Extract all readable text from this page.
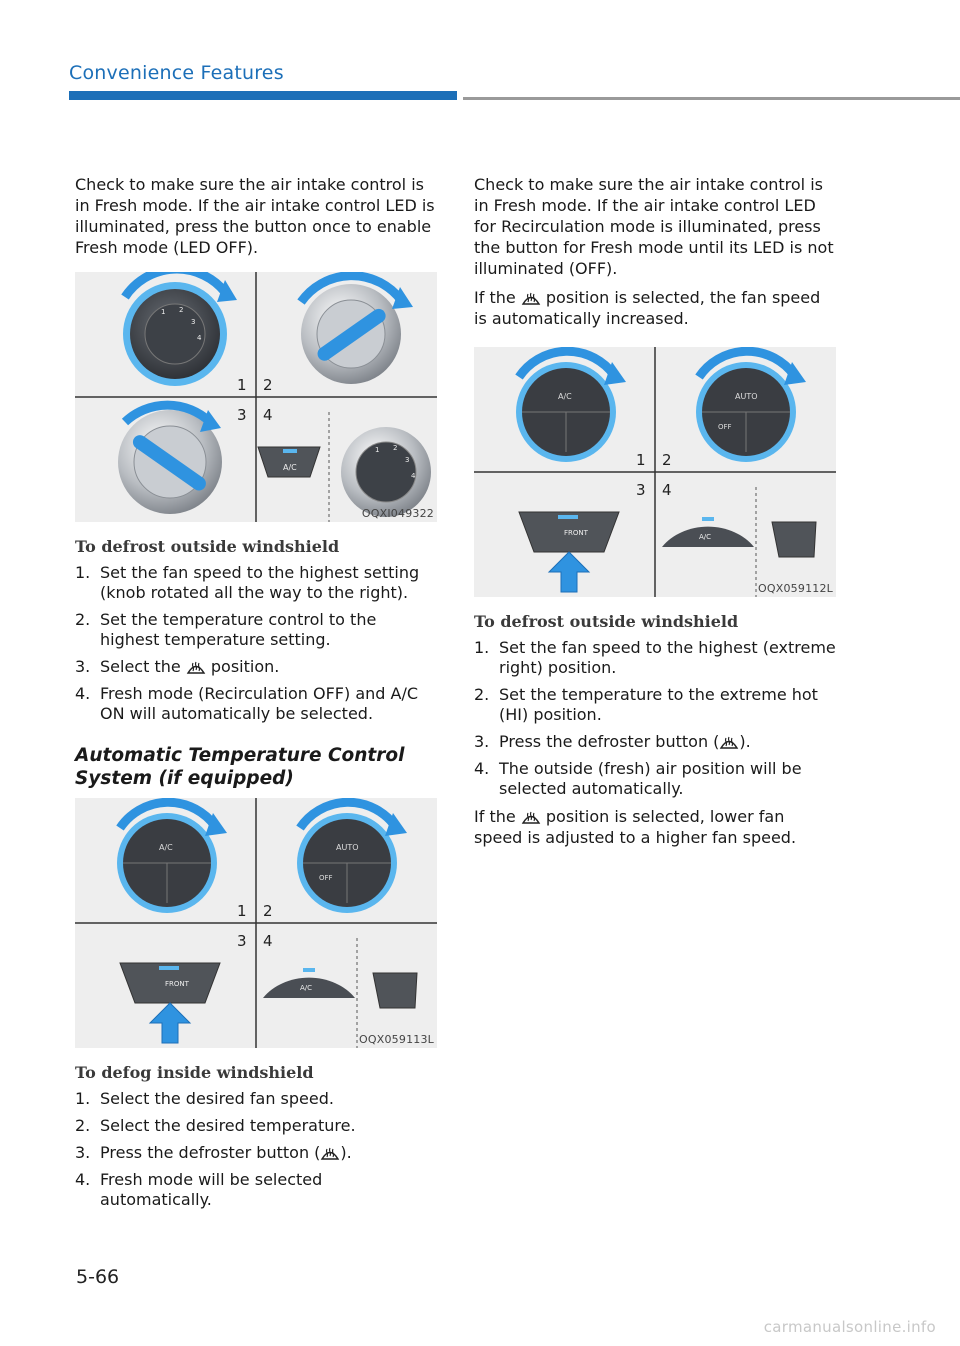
Convenience Features

Check to make sure the air intake control is in Fresh mode. If the air intake control LED is illuminated, press the button once to enable Fresh mode (LED OFF).

1 2
3 4
1 2
3
4
1 2
3
4
A/C
OQXI049322
To defrost outside windshield
1. Set the fan speed to the highest setting (knob rotated all the way to the right).
2. Set the temperature control to the highest temperature setting.
3. Select the position.
4. Fresh mode (Recirculation OFF) and A/C ON will automatically be selected.
Automatic Temperature Control System (if equipped)
A/C	AUTO
OFF
FRONT	A/C
1 2
3 4
OQX059113L
To defog inside windshield
1. Select the desired fan speed.
2. Select the desired temperature.
3. Press the defroster button ( ).
4. Fresh mode will be selected automatically.

Check to make sure the air intake control is in Fresh mode. If the air intake control LED for Recirculation mode is illuminated, press the button for Fresh mode until its LED is not illuminated (OFF).

If the position is selected, the fan speed is automatically increased.

A/C	AUTO
OFF
FRONT	A/C
1 2
3 4
OQX059112L
To defrost outside windshield
1. Set the fan speed to the highest (extreme right) position.
2. Set the temperature to the extreme hot (HI) position.
3. Press the defroster button ( ).
4. The outside (fresh) air position will be selected automatically.

If the position is selected, lower fan speed is adjusted to a higher fan speed.

5-66
carmanualsonline.info
